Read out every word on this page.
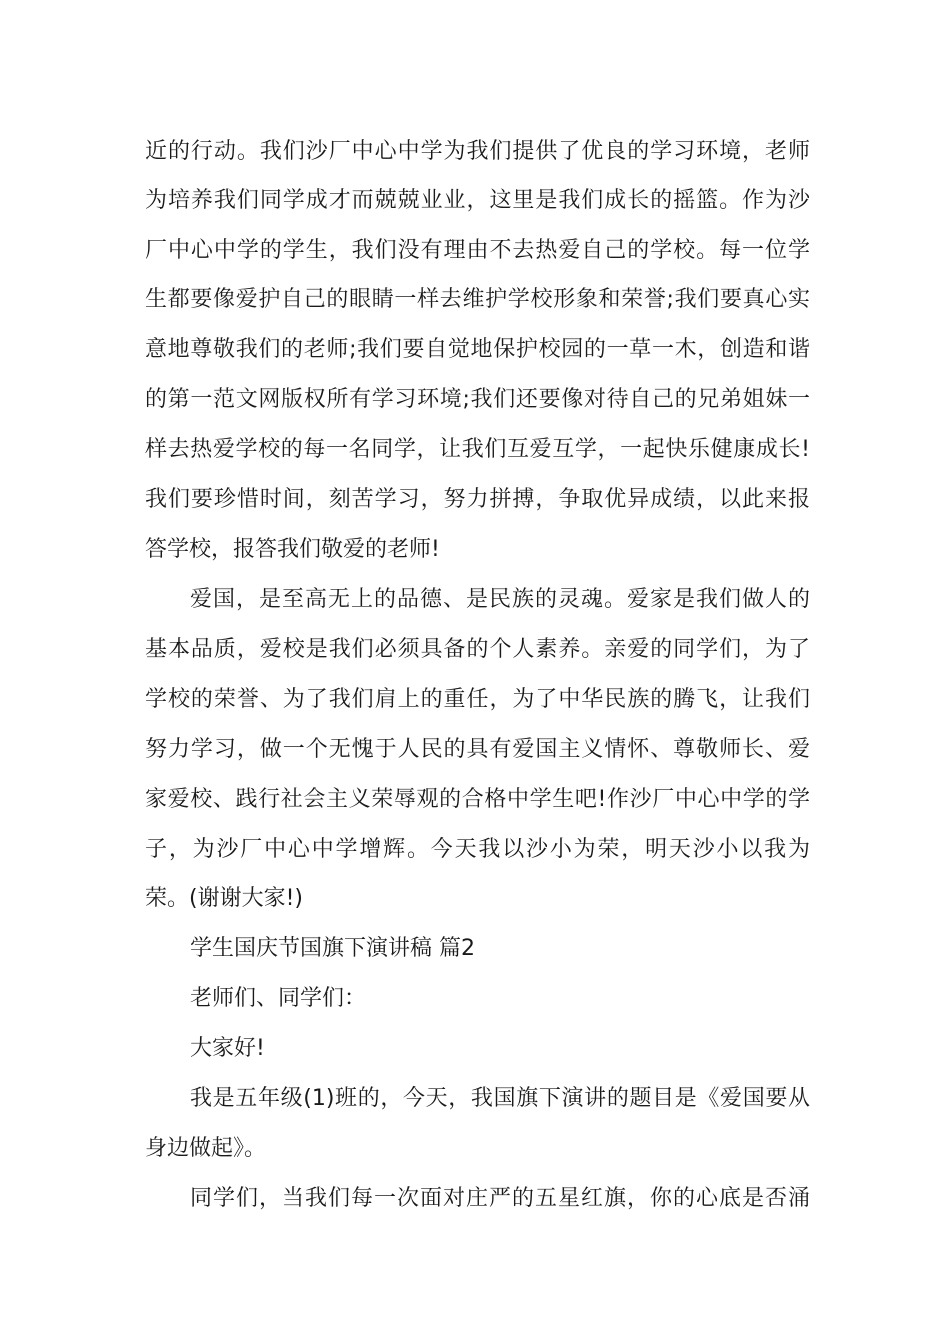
近的行动。我们沙厂中心中学为我们提供了优良的学习环境，老师
为培养我们同学成才而兢兢业业，这里是我们成长的摇篮。作为沙
厂中心中学的学生，我们没有理由不去热爱自己的学校。每一位学
生都要像爱护自己的眼睛一样去维护学校形象和荣誉;我们要真心实
意地尊敬我们的老师;我们要自觉地保护校园的一草一木，创造和谐
的第一范文网版权所有学习环境;我们还要像对待自己的兄弟姐妹一
样去热爱学校的每一名同学，让我们互爱互学，一起快乐健康成长!
我们要珍惜时间，刻苦学习，努力拼搏，争取优异成绩，以此来报
答学校，报答我们敬爱的老师!
爱国，是至高无上的品德、是民族的灵魂。爱家是我们做人的
基本品质，爱校是我们必须具备的个人素养。亲爱的同学们，为了
学校的荣誉、为了我们肩上的重任，为了中华民族的腾飞，让我们
努力学习，做一个无愧于人民的具有爱国主义情怀、尊敬师长、爱
家爱校、践行社会主义荣辱观的合格中学生吧!作沙厂中心中学的学
子，为沙厂中心中学增辉。今天我以沙小为荣，明天沙小以我为
荣。(谢谢大家!)
学生国庆节国旗下演讲稿 篇2
老师们、同学们：
大家好!
我是五年级(1)班的，今天，我国旗下演讲的题目是《爱国要从
身边做起》。
同学们，当我们每一次面对庄严的五星红旗，你的心底是否涌
